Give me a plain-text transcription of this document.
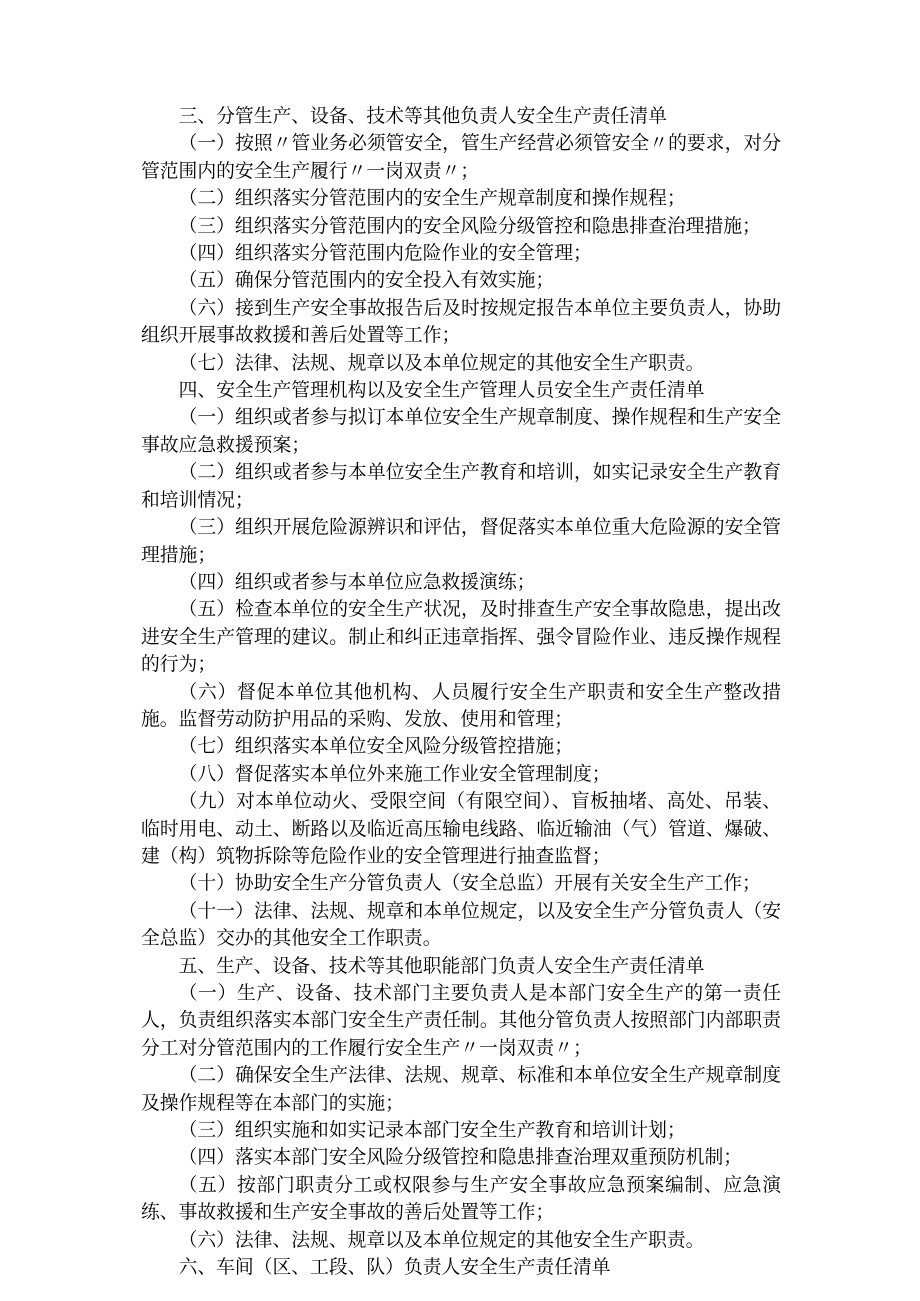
三、分管生产、设备、技术等其他负责人安全生产责任清单

（一）按照〃管业务必须管安全，管生产经营必须管安全〃的要求，对分管范围内的安全生产履行〃一岗双责〃；

（二）组织落实分管范围内的安全生产规章制度和操作规程；

（三）组织落实分管范围内的安全风险分级管控和隐患排查治理措施；

（四）组织落实分管范围内危险作业的安全管理；

（五）确保分管范围内的安全投入有效实施；

（六）接到生产安全事故报告后及时按规定报告本单位主要负责人，协助组织开展事故救援和善后处置等工作；

（七）法律、法规、规章以及本单位规定的其他安全生产职责。

四、安全生产管理机构以及安全生产管理人员安全生产责任清单

（一）组织或者参与拟订本单位安全生产规章制度、操作规程和生产安全事故应急救援预案；

（二）组织或者参与本单位安全生产教育和培训，如实记录安全生产教育和培训情况；

（三）组织开展危险源辨识和评估，督促落实本单位重大危险源的安全管理措施；

（四）组织或者参与本单位应急救援演练；

（五）检查本单位的安全生产状况，及时排查生产安全事故隐患，提出改进安全生产管理的建议。制止和纠正违章指挥、强令冒险作业、违反操作规程的行为；

（六）督促本单位其他机构、人员履行安全生产职责和安全生产整改措施。监督劳动防护用品的采购、发放、使用和管理；

（七）组织落实本单位安全风险分级管控措施；

（八）督促落实本单位外来施工作业安全管理制度；

（九）对本单位动火、受限空间（有限空间）、盲板抽堵、高处、吊装、临时用电、动土、断路以及临近高压输电线路、临近输油（气）管道、爆破、建（构）筑物拆除等危险作业的安全管理进行抽查监督；

（十）协助安全生产分管负责人（安全总监）开展有关安全生产工作；

（十一）法律、法规、规章和本单位规定，以及安全生产分管负责人（安全总监）交办的其他安全工作职责。

五、生产、设备、技术等其他职能部门负责人安全生产责任清单

（一）生产、设备、技术部门主要负责人是本部门安全生产的第一责任人，负责组织落实本部门安全生产责任制。其他分管负责人按照部门内部职责分工对分管范围内的工作履行安全生产〃一岗双责〃；

（二）确保安全生产法律、法规、规章、标准和本单位安全生产规章制度及操作规程等在本部门的实施；

（三）组织实施和如实记录本部门安全生产教育和培训计划；

（四）落实本部门安全风险分级管控和隐患排查治理双重预防机制；

（五）按部门职责分工或权限参与生产安全事故应急预案编制、应急演练、事故救援和生产安全事故的善后处置等工作；

（六）法律、法规、规章以及本单位规定的其他安全生产职责。

六、车间（区、工段、队）负责人安全生产责任清单
